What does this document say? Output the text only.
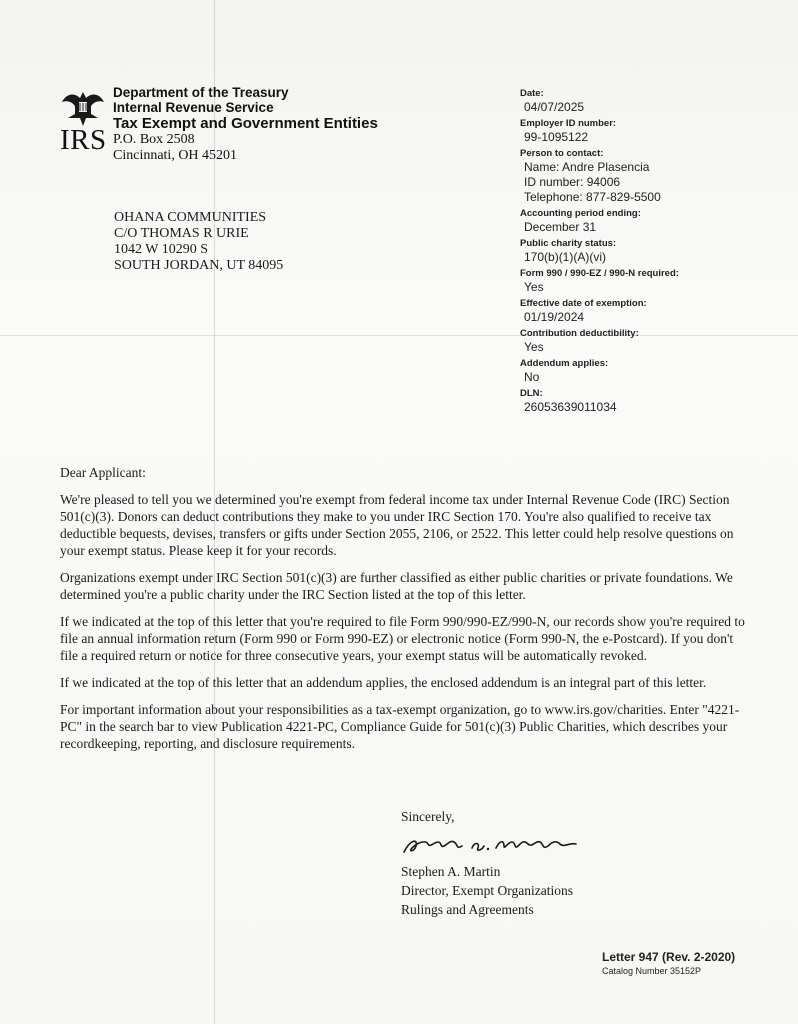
IRS
Department of the Treasury
Internal Revenue Service
Tax Exempt and Government Entities
P.O. Box 2508
Cincinnati, OH 45201
OHANA COMMUNITIES
C/O THOMAS R URIE
1042 W 10290 S
SOUTH JORDAN, UT 84095
Date:
04/07/2025
Employer ID number:
99-1095122
Person to contact:
Name: Andre Plasencia
ID number: 94006
Telephone: 877-829-5500
Accounting period ending:
December 31
Public charity status:
170(b)(1)(A)(vi)
Form 990 / 990-EZ / 990-N required:
Yes
Effective date of exemption:
01/19/2024
Contribution deductibility:
Yes
Addendum applies:
No
DLN:
26053639011034

Dear Applicant:

We're pleased to tell you we determined you're exempt from federal income tax under Internal Revenue Code (IRC) Section 501(c)(3). Donors can deduct contributions they make to you under IRC Section 170. You're also qualified to receive tax deductible bequests, devises, transfers or gifts under Section 2055, 2106, or 2522. This letter could help resolve questions on your exempt status. Please keep it for your records.

Organizations exempt under IRC Section 501(c)(3) are further classified as either public charities or private foundations. We determined you're a public charity under the IRC Section listed at the top of this letter.

If we indicated at the top of this letter that you're required to file Form 990/990-EZ/990-N, our records show you're required to file an annual information return (Form 990 or Form 990-EZ) or electronic notice (Form 990-N, the e-Postcard). If you don't file a required return or notice for three consecutive years, your exempt status will be automatically revoked.

If we indicated at the top of this letter that an addendum applies, the enclosed addendum is an integral part of this letter.

For important information about your responsibilities as a tax-exempt organization, go to www.irs.gov/charities. Enter "4221-PC" in the search bar to view Publication 4221-PC, Compliance Guide for 501(c)(3) Public Charities, which describes your recordkeeping, reporting, and disclosure requirements.

Sincerely,
Stephen A. Martin
Director, Exempt Organizations
Rulings and Agreements
Letter 947 (Rev. 2-2020)
Catalog Number 35152P
